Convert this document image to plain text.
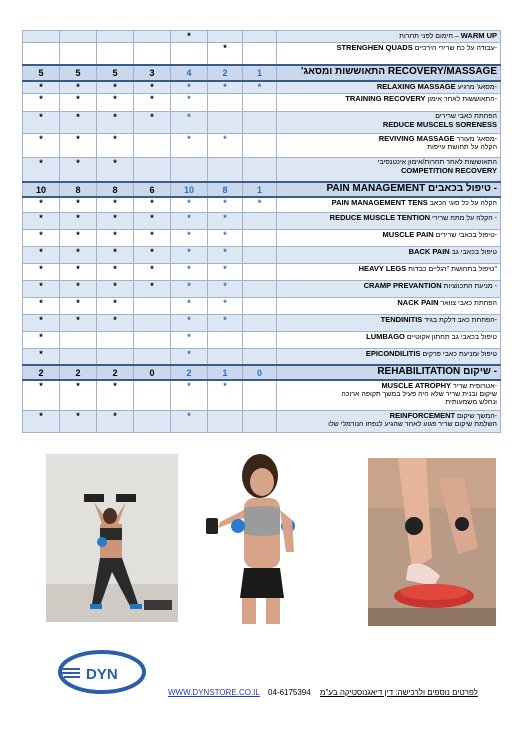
				*			חימום לפני תחרות – WARM UP
					*		STRENGHEN QUADS עבודה על כח שרירי הירכיים-
5	5	5	3	4	2	1	'התאוששות ומסאג RECOVERY/MASSAGE
*	*	*	*	*	*	*	RELAXING MASSAGE מסאג' מרגיע-
*	*	*	*	*			TRAINING RECOVERY התאוששות לאחר אימון-
*	*	*	*	*			הפחתת כאבי שרירים
REDUCE MUSCELS SORENESS

*	*	*		*	*		REVIVING MASSAGE מסאג' מעורר-
הקלה על תחושת עייפות

*	*	*					התאוששות לאחר תחרות/אימון אינטנסיבי
COMPETITION RECOVERY

10	8	8	6	10	8	1	PAIN MANAGEMENT טיפול בכאבים -
*	*	*	*	*	*	*	PAIN MANAGEMENT TENS הקלה על כל סוגי הכאב
*	*	*	*	*	*		REDUCE MUSCLE TENTION הקלה על מתח שרירי -
*	*	*	*	*	*		MUSCLE PAIN טיפול בכאבי שרירים-
*	*	*	*	*	*		BACK PAIN טיפול בכאבי גב
*	*	*	*	*	*		HEAVY LEGS טיפול בתחושת "רגליים כבדות"
*	*	*	*	*	*		CRAMP PREVANTION מניעת התכווציות -
*	*	*		*	*		NACK PAIN הפחתת כאבי צוואר
*	*	*		*	*		TENDINITIS הפחתת כאב דלקת בגיד-
*				*			LUMBAGO טיפול בכאבי גב תחתון אקוטיים
*				*			EPICONDILITIS טיפול ומניעת כאבי פרקים
2	2	2	0	2	1	0	REHABILITATION שיקום -
*	*	*		*	*		MUSCLE ATROPHY אטרופית שריר-
שיקום ובנית שריר שלא היה פעיל במשך תקופה ארוכה
ונחלש משמעותית

*	*	*		*			REINFORCEMENT המשך שיקום-
השלמת שיקום שריר פגוע לאחר שהגיע לנפחו הנורמלי שלו
DYN
WWW.DYNSTORE.CO.IL 04-6175394 לפרטים נוספים ולרכישה: דין דיאגנוסטיקה בע"מ
